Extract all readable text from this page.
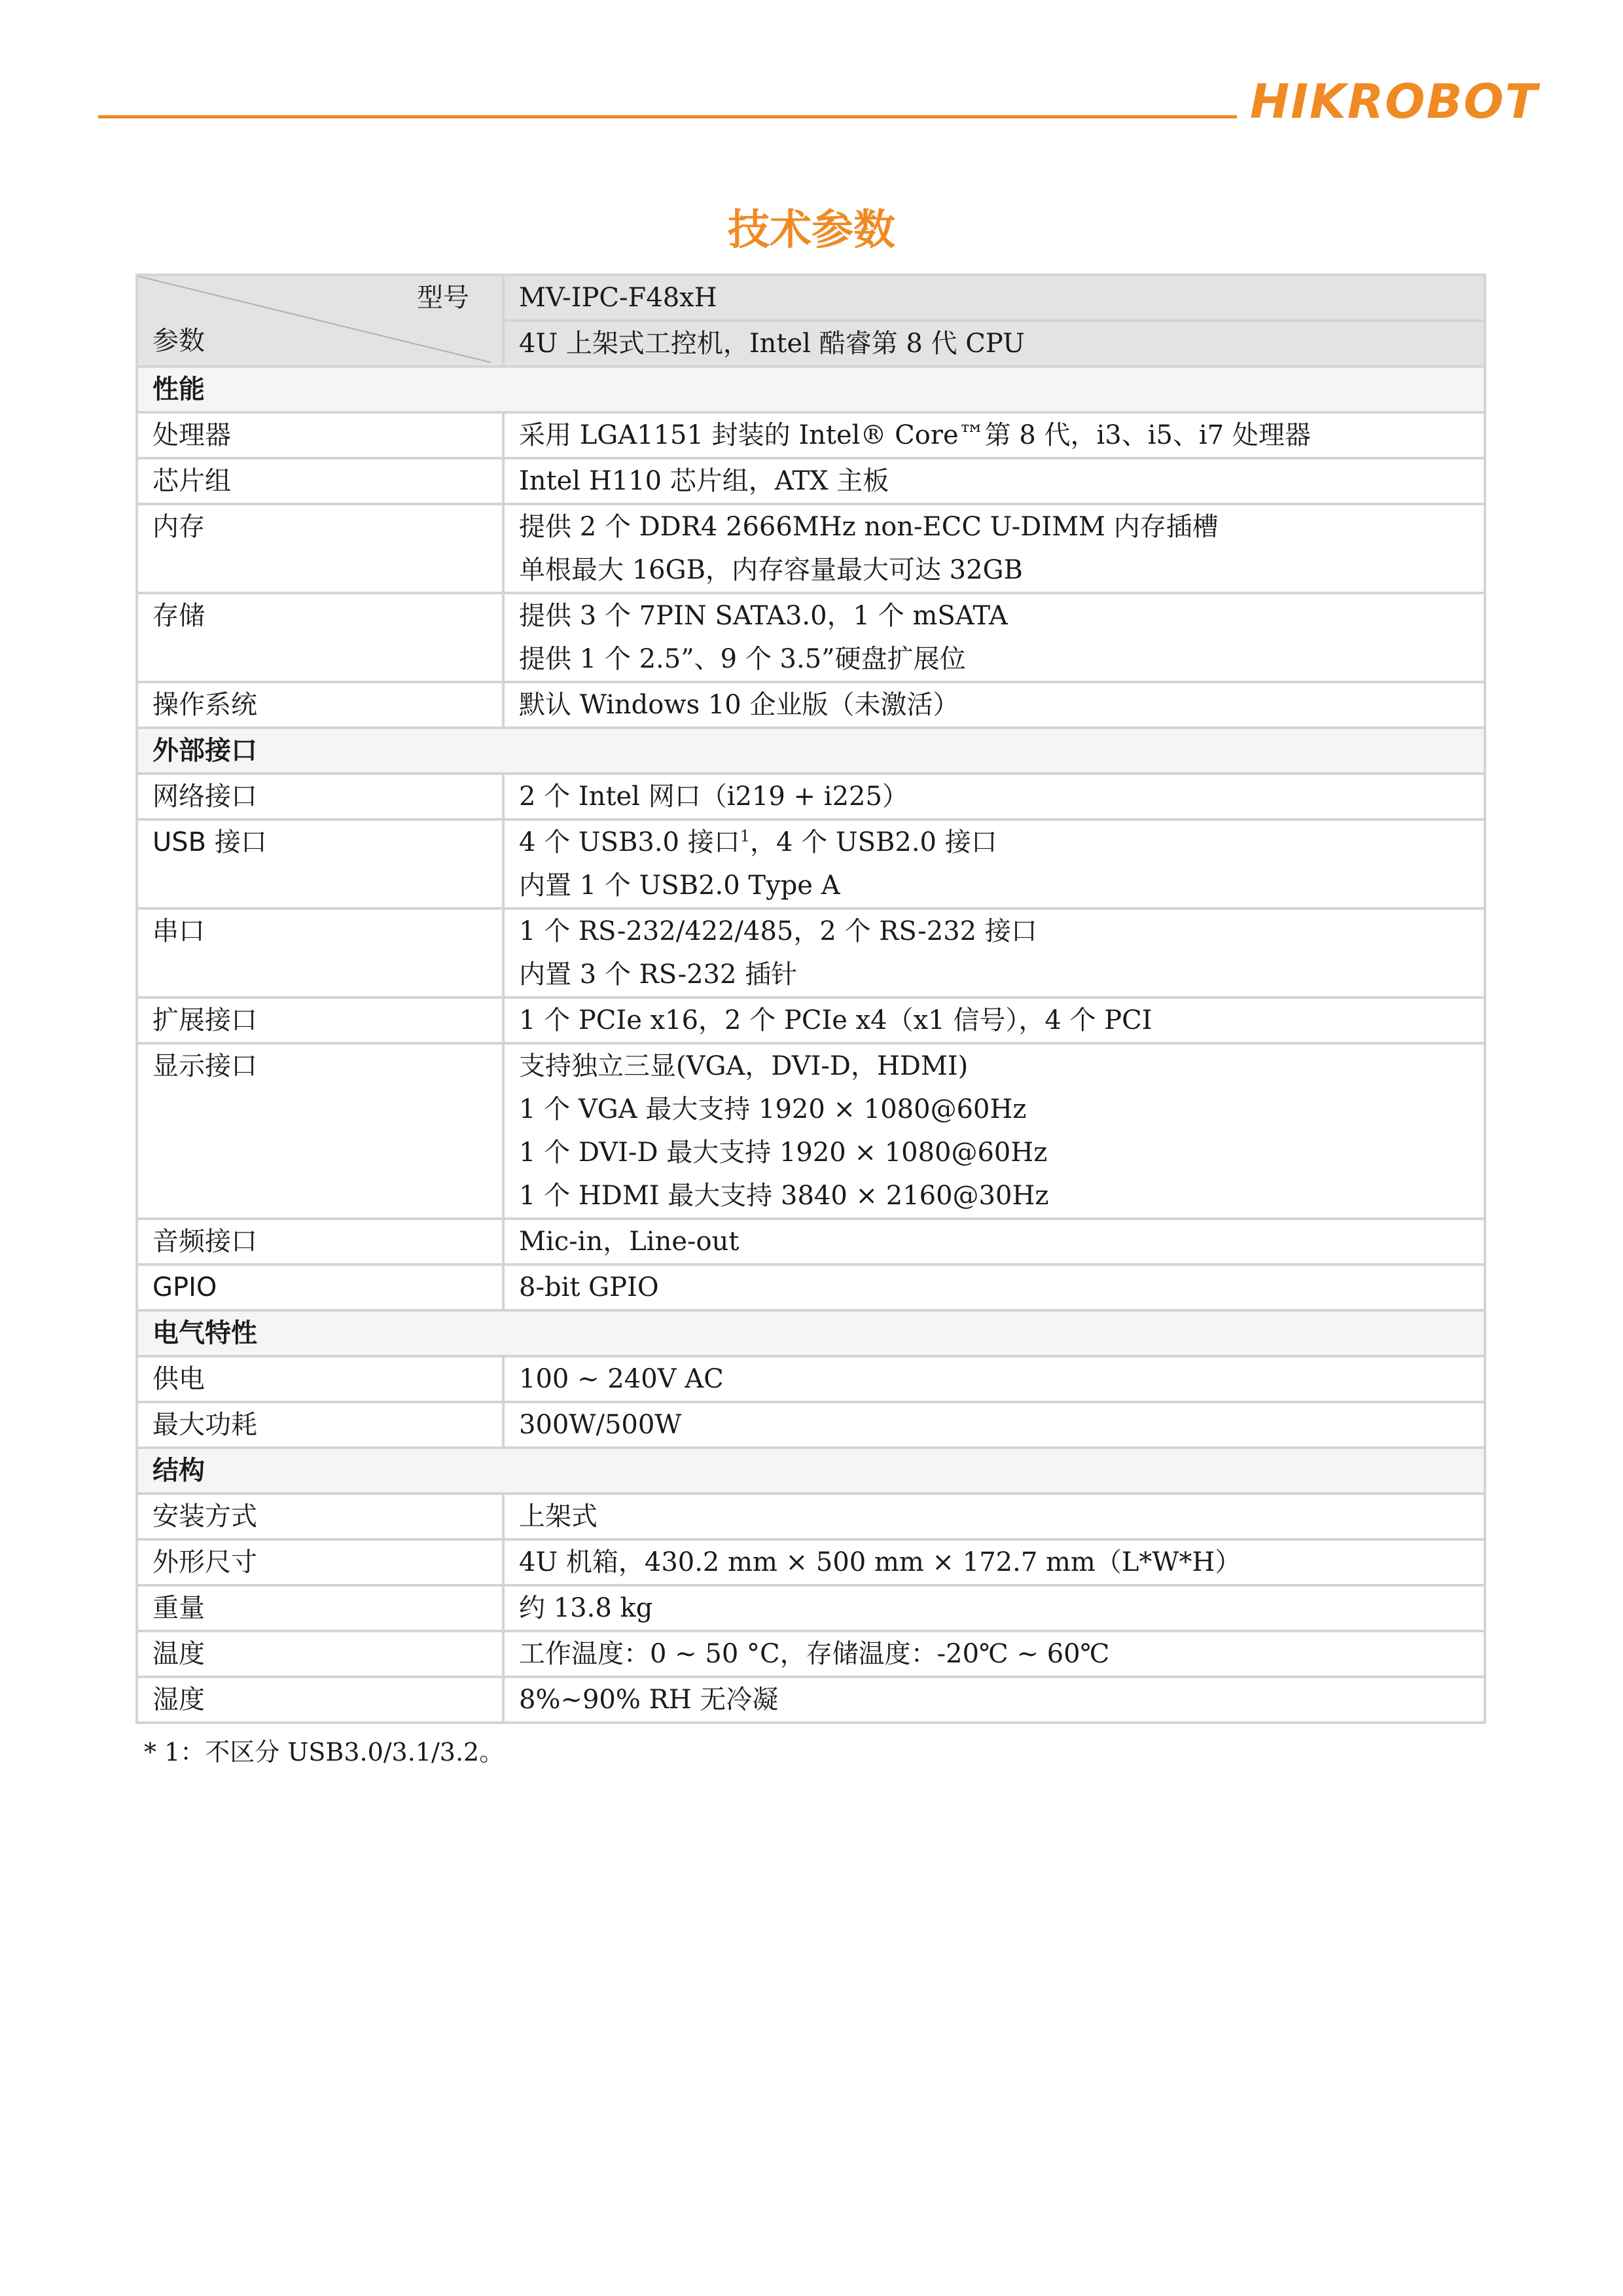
HIKROBOT
技术参数
型号
参数	MV-IPC-F48xH
	4U 上架式工控机，Intel 酷睿第 8 代 CPU
性能	
处理器	采用 LGA1151 封装的 Intel® Core™第 8 代，i3、i5、i7 处理器

芯片组	Intel H110 芯片组，ATX 主板

内存	提供 2 个 DDR4 2666MHz non-ECC U-DIMM 内存插槽
单根最大 16GB，内存容量最大可达 32GB

存储	提供 3 个 7PIN SATA3.0，1 个 mSATA
提供 1 个 2.5”、9 个 3.5”硬盘扩展位

操作系统	默认 Windows 10 企业版（未激活）

外部接口	
网络接口	2 个 Intel 网口（i219 + i225）

USB 接口	4 个 USB3.0 接口$^1$，4 个 USB2.0 接口
内置 1 个 USB2.0 Type A

串口	1 个 RS-232/422/485，2 个 RS-232 接口
内置 3 个 RS-232 插针

扩展接口	1 个 PCIe x16，2 个 PCIe x4（x1 信号），4 个 PCI

显示接口	支持独立三显(VGA，DVI-D，HDMI)
1 个 VGA 最大支持 1920 × 1080@60Hz
1 个 DVI-D 最大支持 1920 × 1080@60Hz
1 个 HDMI 最大支持 3840 × 2160@30Hz

音频接口	Mic-in，Line-out

GPIO	8-bit GPIO

电气特性	
供电	100 ~ 240V AC

最大功耗	300W/500W

结构	
安装方式	上架式

外形尺寸	4U 机箱，430.2 mm × 500 mm × 172.7 mm（L*W*H）

重量	约 13.8 kg

温度	工作温度：0 ~ 50 °C，存储温度：-20℃ ~ 60℃

湿度	8%~90% RH 无冷凝
* 1：不区分 USB3.0/3.1/3.2。
